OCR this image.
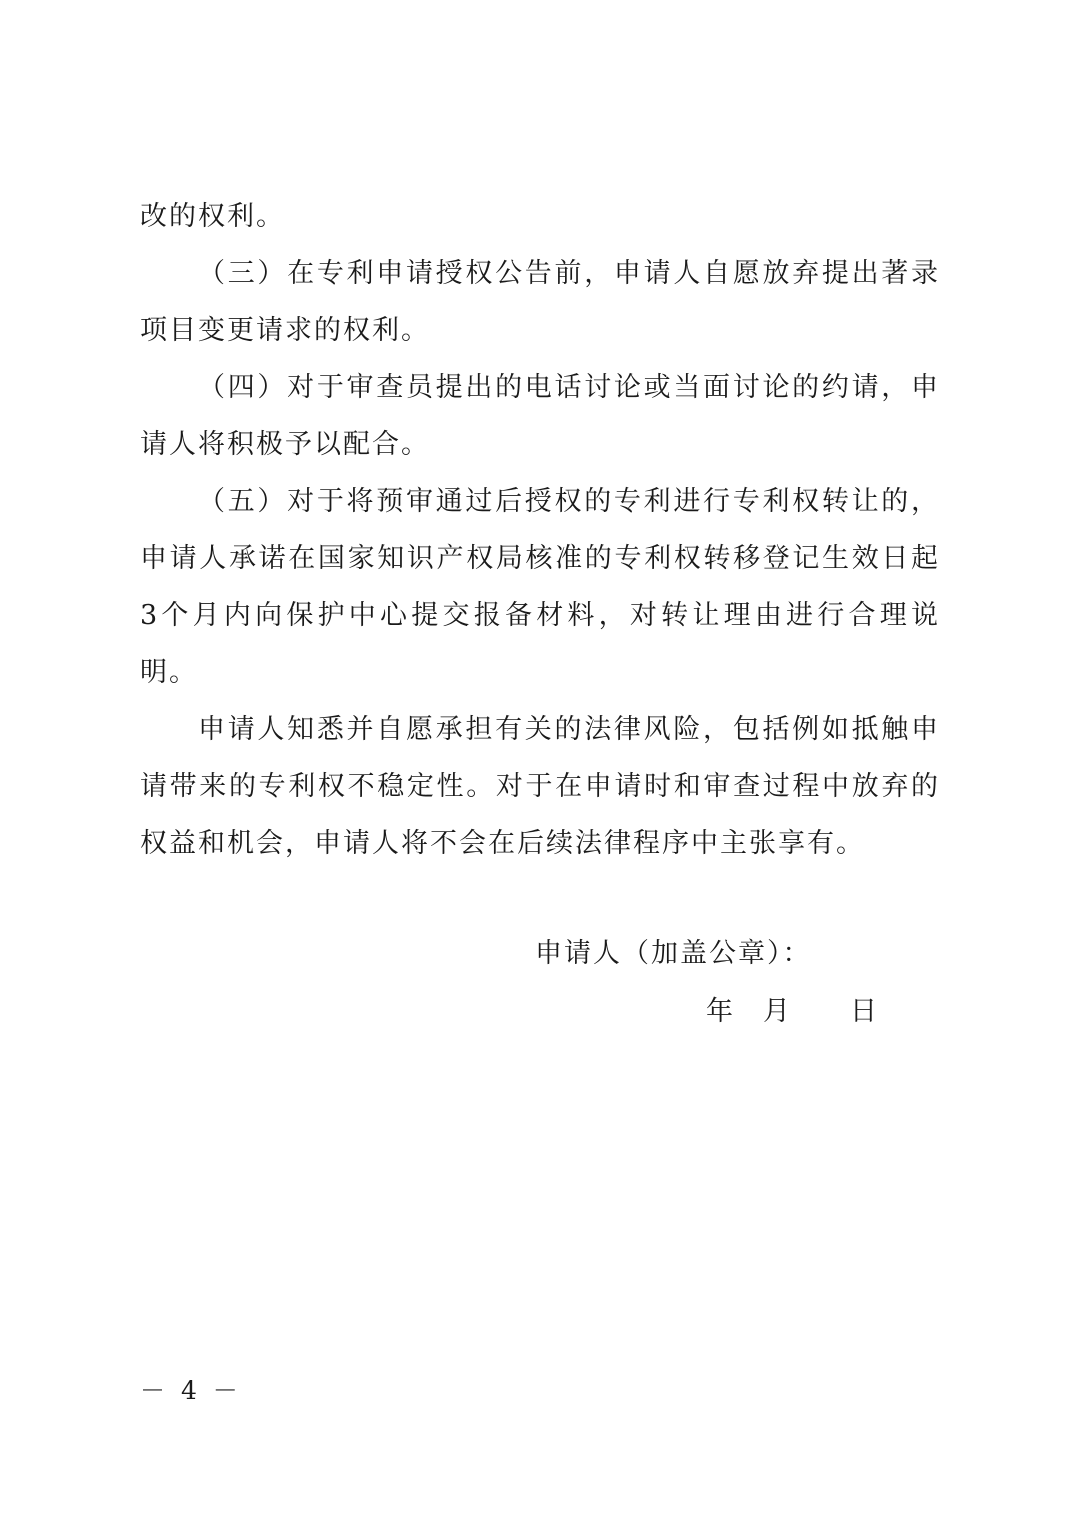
改的权利。

（三）在专利申请授权公告前，申请人自愿放弃提出著录项目变更请求的权利。

（四）对于审查员提出的电话讨论或当面讨论的约请，申请人将积极予以配合。

（五）对于将预审通过后授权的专利进行专利权转让的，申请人承诺在国家知识产权局核准的专利权转移登记生效日起3个月内向保护中心提交报备材料，对转让理由进行合理说明。

申请人知悉并自愿承担有关的法律风险，包括例如抵触申请带来的专利权不稳定性。对于在申请时和审查过程中放弃的权益和机会，申请人将不会在后续法律程序中主张享有。

申请人（加盖公章）：
年 月 日
－ 4 －
